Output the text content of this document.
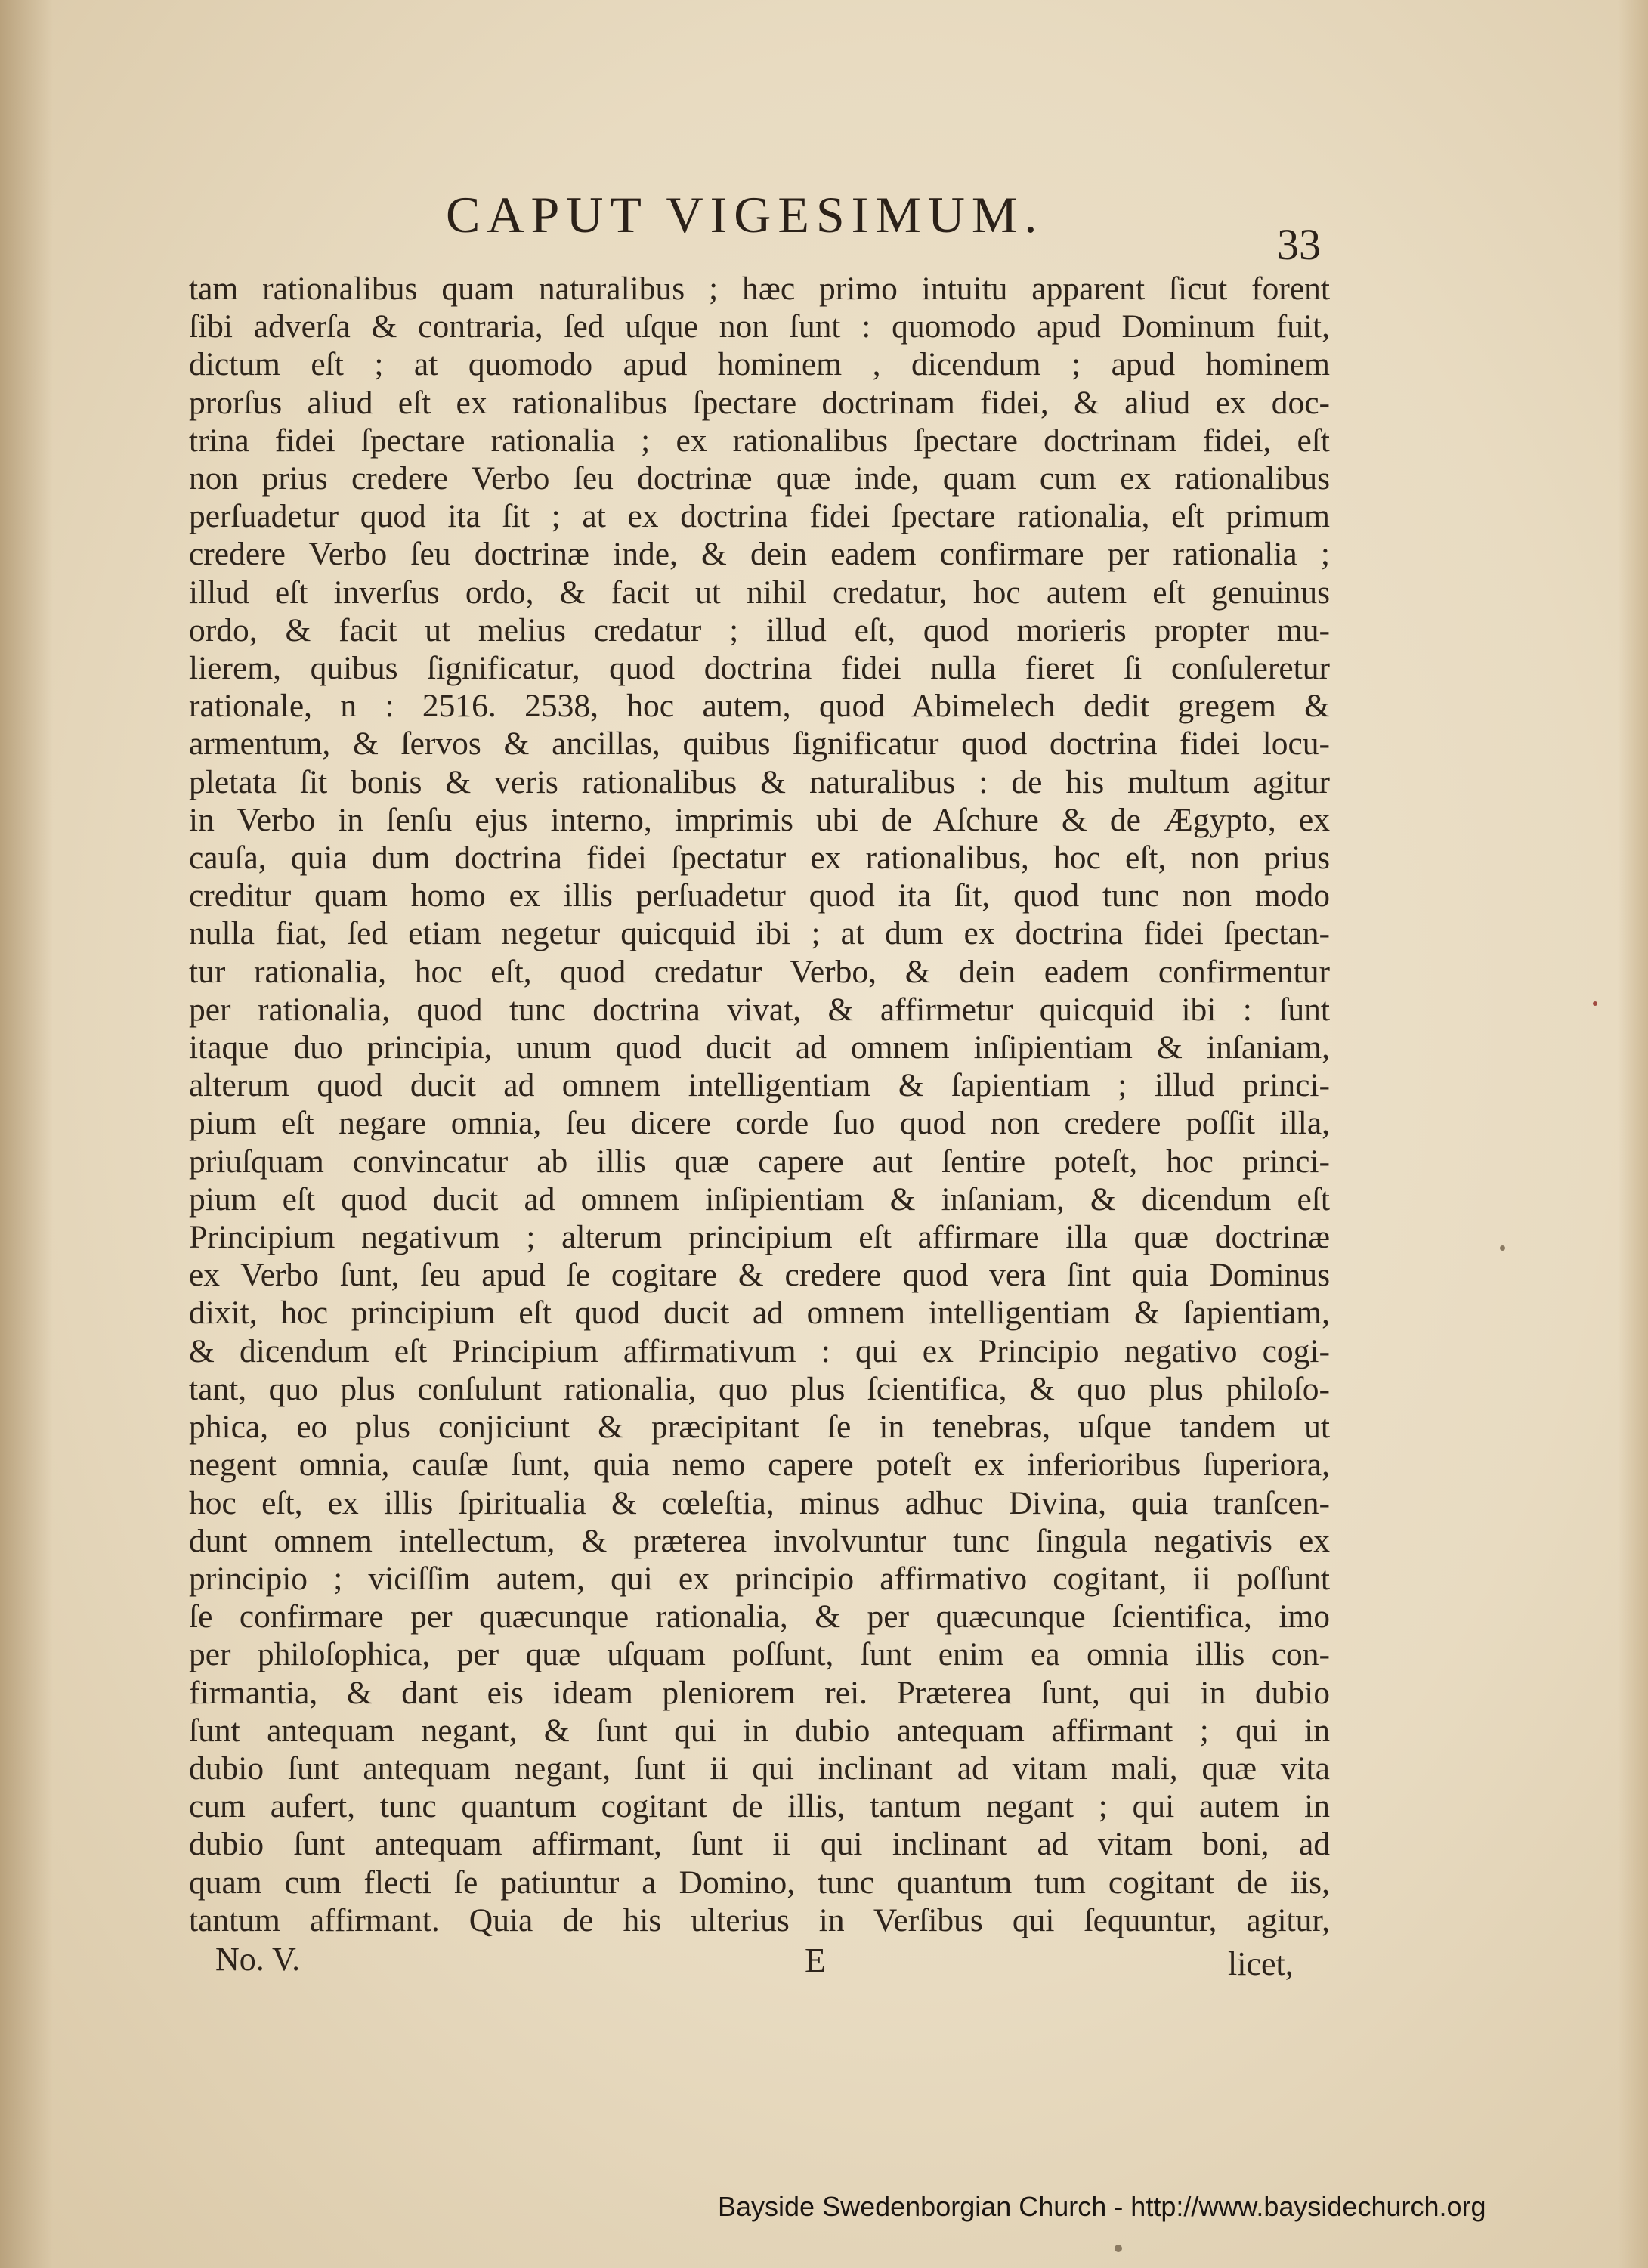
CAPUT VIGESIMUM.
33
tam rationalibus quam naturalibus ; hæc primo intuitu apparent ſicut forent
ſibi adverſa & contraria, ſed uſque non ſunt : quomodo apud Dominum fuit,
dictum eſt ; at quomodo apud hominem , dicendum ; apud hominem
prorſus aliud eſt ex rationalibus ſpectare doctrinam fidei, & aliud ex doc-
trina fidei ſpectare rationalia ; ex rationalibus ſpectare doctrinam fidei, eſt
non prius credere Verbo ſeu doctrinæ quæ inde, quam cum ex rationalibus
perſuadetur quod ita ſit ; at ex doctrina fidei ſpectare rationalia, eſt primum
credere Verbo ſeu doctrinæ inde, & dein eadem confirmare per rationalia ;
illud eſt inverſus ordo, & facit ut nihil credatur, hoc autem eſt genuinus
ordo, & facit ut melius credatur ; illud eſt, quod morieris propter mu-
lierem, quibus ſignificatur, quod doctrina fidei nulla fieret ſi conſuleretur
rationale, n : 2516. 2538, hoc autem, quod Abimelech dedit gregem &
armentum, & ſervos & ancillas, quibus ſignificatur quod doctrina fidei locu-
pletata ſit bonis & veris rationalibus & naturalibus : de his multum agitur
in Verbo in ſenſu ejus interno, imprimis ubi de Aſchure & de Ægypto, ex
cauſa, quia dum doctrina fidei ſpectatur ex rationalibus, hoc eſt, non prius
creditur quam homo ex illis perſuadetur quod ita ſit, quod tunc non modo
nulla fiat, ſed etiam negetur quicquid ibi ; at dum ex doctrina fidei ſpectan-
tur rationalia, hoc eſt, quod credatur Verbo, & dein eadem confirmentur
per rationalia, quod tunc doctrina vivat, & affirmetur quicquid ibi : ſunt
itaque duo principia, unum quod ducit ad omnem inſipientiam & inſaniam,
alterum quod ducit ad omnem intelligentiam & ſapientiam ; illud princi-
pium eſt negare omnia, ſeu dicere corde ſuo quod non credere poſſit illa,
priuſquam convincatur ab illis quæ capere aut ſentire poteſt, hoc princi-
pium eſt quod ducit ad omnem inſipientiam & inſaniam, & dicendum eſt
Principium negativum ; alterum principium eſt affirmare illa quæ doctrinæ
ex Verbo ſunt, ſeu apud ſe cogitare & credere quod vera ſint quia Dominus
dixit, hoc principium eſt quod ducit ad omnem intelligentiam & ſapientiam,
& dicendum eſt Principium affirmativum : qui ex Principio negativo cogi-
tant, quo plus conſulunt rationalia, quo plus ſcientifica, & quo plus philoſo-
phica, eo plus conjiciunt & præcipitant ſe in tenebras, uſque tandem ut
negent omnia, cauſæ ſunt, quia nemo capere poteſt ex inferioribus ſuperiora,
hoc eſt, ex illis ſpiritualia & cœleſtia, minus adhuc Divina, quia tranſcen-
dunt omnem intellectum, & præterea involvuntur tunc ſingula negativis ex
principio ; viciſſim autem, qui ex principio affirmativo cogitant, ii poſſunt
ſe confirmare per quæcunque rationalia, & per quæcunque ſcientifica, imo
per philoſophica, per quæ uſquam poſſunt, ſunt enim ea omnia illis con-
firmantia, & dant eis ideam pleniorem rei. Præterea ſunt, qui in dubio
ſunt antequam negant, & ſunt qui in dubio antequam affirmant ; qui in
dubio ſunt antequam negant, ſunt ii qui inclinant ad vitam mali, quæ vita
cum aufert, tunc quantum cogitant de illis, tantum negant ; qui autem in
dubio ſunt antequam affirmant, ſunt ii qui inclinant ad vitam boni, ad
quam cum flecti ſe patiuntur a Domino, tunc quantum tum cogitant de iis,
tantum affirmant. Quia de his ulterius in Verſibus qui ſequuntur, agitur,
No. V.	E	licet,
Bayside Swedenborgian Church - http://www.baysidechurch.org
